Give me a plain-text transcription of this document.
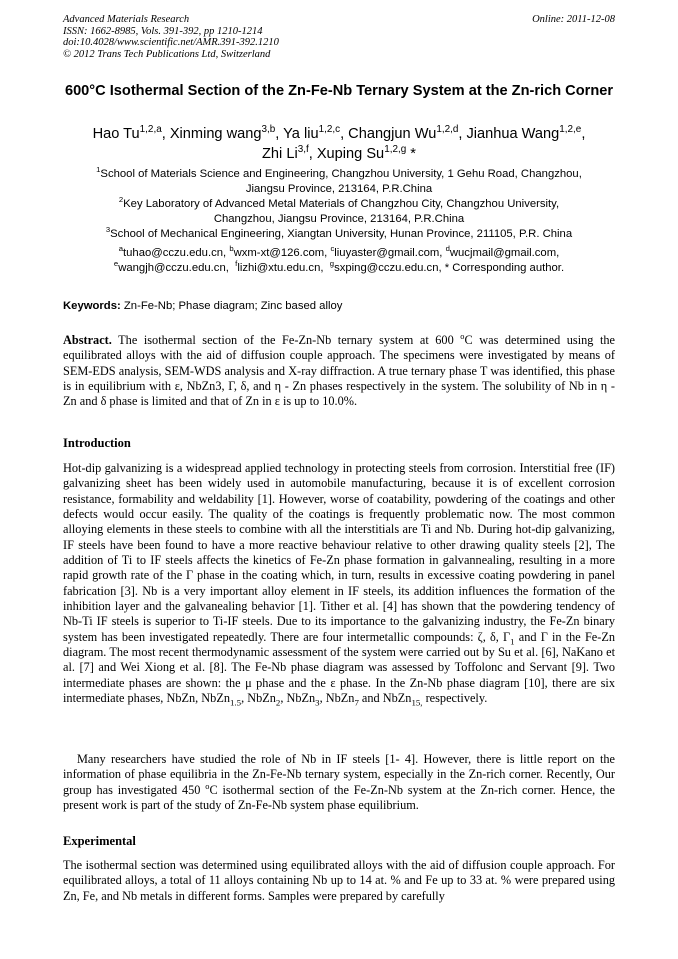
Advanced Materials Research
ISSN: 1662-8985, Vols. 391-392, pp 1210-1214
doi:10.4028/www.scientific.net/AMR.391-392.1210
© 2012 Trans Tech Publications Ltd, Switzerland
Online: 2011-12-08
600°C Isothermal Section of the Zn-Fe-Nb Ternary System at the Zn-rich Corner
Hao Tu$^{1,2,a}$, Xinming wang$^{3,b}$, Ya liu$^{1,2,c}$, Changjun Wu$^{1,2,d}$, Jianhua Wang$^{1,2,e}$,
Zhi Li$^{3,f}$, Xuping Su$^{1,2,g}$ *
$^1$School of Materials Science and Engineering, Changzhou University, 1 Gehu Road, Changzhou,
Jiangsu Province, 213164, P.R.China
$^2$Key Laboratory of Advanced Metal Materials of Changzhou City, Changzhou University,
Changzhou, Jiangsu Province, 213164, P.R.China
$^3$School of Mechanical Engineering, Xiangtan University, Hunan Province, 211105, P.R. China
$^a$tuhao@cczu.edu.cn, $^b$wxm-xt@126.com, $^c$liuyaster@gmail.com, $^d$wucjmail@gmail.com,
$^e$wangjh@cczu.edu.cn, $^f$lizhi@xtu.edu.cn, $^g$sxping@cczu.edu.cn, * Corresponding author.
Keywords: Zn-Fe-Nb; Phase diagram; Zinc based alloy
Abstract. The isothermal section of the Fe-Zn-Nb ternary system at 600 $^o$C was determined using the equilibrated alloys with the aid of diffusion couple approach. The specimens were investigated by means of SEM-EDS analysis, SEM-WDS analysis and X-ray diffraction. A true ternary phase T was identified, this phase is in equilibrium with ε, NbZn3, Γ, δ, and η - Zn phases respectively in the system. The solubility of Nb in η - Zn and δ phase is limited and that of Zn in ε is up to 10.0%.
Introduction
Hot-dip galvanizing is a widespread applied technology in protecting steels from corrosion. Interstitial free (IF) galvanizing sheet has been widely used in automobile manufacturing, because it is of excellent corrosion resistance, formability and weldability [1]. However, worse of coatability, powdering of the coatings and other defects would occur easily. The quality of the coatings is frequently problematic now. The most common alloying elements in these steels to combine with all the interstitials are Ti and Nb. During hot-dip galvanizing, IF steels have been found to have a more reactive behaviour relative to other drawing quality steels [2], The addition of Ti to IF steels affects the kinetics of Fe-Zn phase formation in galvannealing, resulting in a more rapid growth rate of the Γ phase in the coating which, in turn, results in excessive coating powdering in panel fabrication [3]. Nb is a very important alloy element in IF steels, its addition influences the formation of the inhibition layer and the galvanealing behavior [1]. Tither et al. [4] has shown that the powdering tendency of Nb-Ti IF steels is superior to Ti-IF steels. Due to its importance to the galvanizing industry, the Fe-Zn binary system has been investigated repeatedly. There are four intermetallic compounds: ζ, δ, $\Gamma_1$ and Γ in the Fe-Zn diagram. The most recent thermodynamic assessment of the system were carried out by Su et al. [6], NaKano et al. [7] and Wei Xiong et al. [8]. The Fe-Nb phase diagram was assessed by Toffolonc and Servant [9]. Two intermediate phases are shown: the μ phase and the ε phase. In the Zn-Nb phase diagram [10], there are six intermediate phases, NbZn, NbZn$_{1.5}$, NbZn$_2$, NbZn$_3$, NbZn$_7$ and NbZn$_{15,}$ respectively.
Many researchers have studied the role of Nb in IF steels [1- 4]. However, there is little report on the information of phase equilibria in the Zn-Fe-Nb ternary system, especially in the Zn-rich corner. Recently, Our group has investigated 450 $^o$C isothermal section of the Fe-Zn-Nb system at the Zn-rich corner. Hence, the present work is part of the study of Zn-Fe-Nb system phase equilibrium.
Experimental
The isothermal section was determined using equilibrated alloys with the aid of diffusion couple approach. For equilibrated alloys, a total of 11 alloys containing Nb up to 14 at. % and Fe up to 33 at. % were prepared using Zn, Fe, and Nb metals in different forms. Samples were prepared by carefully
